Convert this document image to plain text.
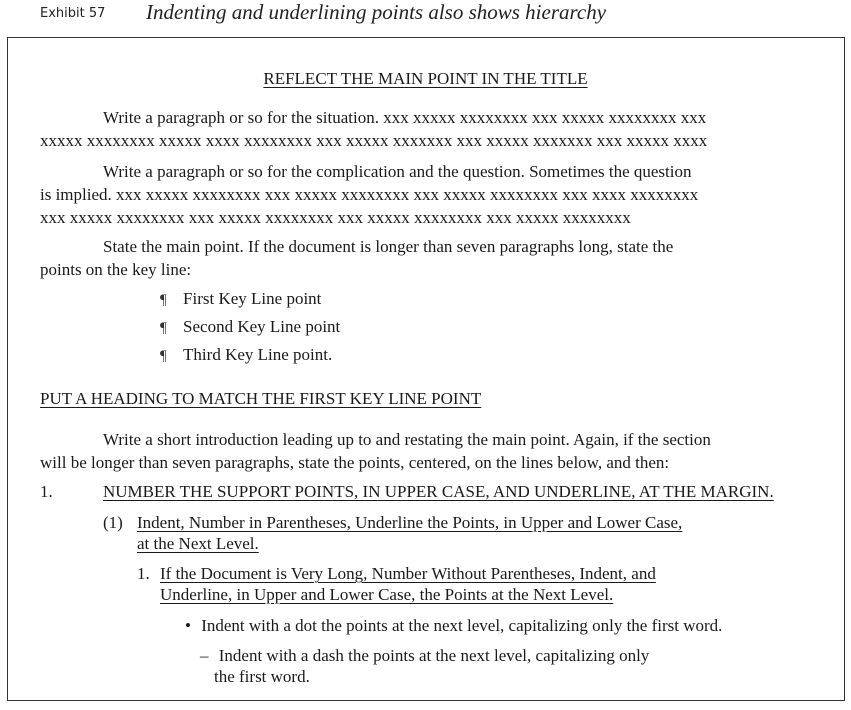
Exhibit 57 Indenting and underlining points also shows hierarchy
REFLECT THE MAIN POINT IN THE TITLE
Write a paragraph or so for the situation. xxx xxxxx xxxxxxxx xxx xxxxx xxxxxxxx xxx
xxxxx xxxxxxxx xxxxx xxxx xxxxxxxx xxx xxxxx xxxxxxx xxx xxxxx xxxxxxx xxx xxxxx xxxx
Write a paragraph or so for the complication and the question. Sometimes the question
is implied. xxx xxxxx xxxxxxxx xxx xxxxx xxxxxxxx xxx xxxxx xxxxxxxx xxx xxxx xxxxxxxx
xxx xxxxx xxxxxxxx xxx xxxxx xxxxxxxx xxx xxxxx xxxxxxxx xxx xxxxx xxxxxxxx
State the main point. If the document is longer than seven paragraphs long, state the
points on the key line:
¶ First Key Line point
¶ Second Key Line point
¶ Third Key Line point.
PUT A HEADING TO MATCH THE FIRST KEY LINE POINT
Write a short introduction leading up to and restating the main point. Again, if the section
will be longer than seven paragraphs, state the points, centered, on the lines below, and then:
1.	NUMBER THE SUPPORT POINTS, IN UPPER CASE, AND UNDERLINE, AT THE MARGIN.
(1) Indent, Number in Parentheses, Underline the Points, in Upper and Lower Case,
at the Next Level.
1. If the Document is Very Long, Number Without Parentheses, Indent, and
Underline, in Upper and Lower Case, the Points at the Next Level.
• Indent with a dot the points at the next level, capitalizing only the first word.
– Indent with a dash the points at the next level, capitalizing only
the first word.
